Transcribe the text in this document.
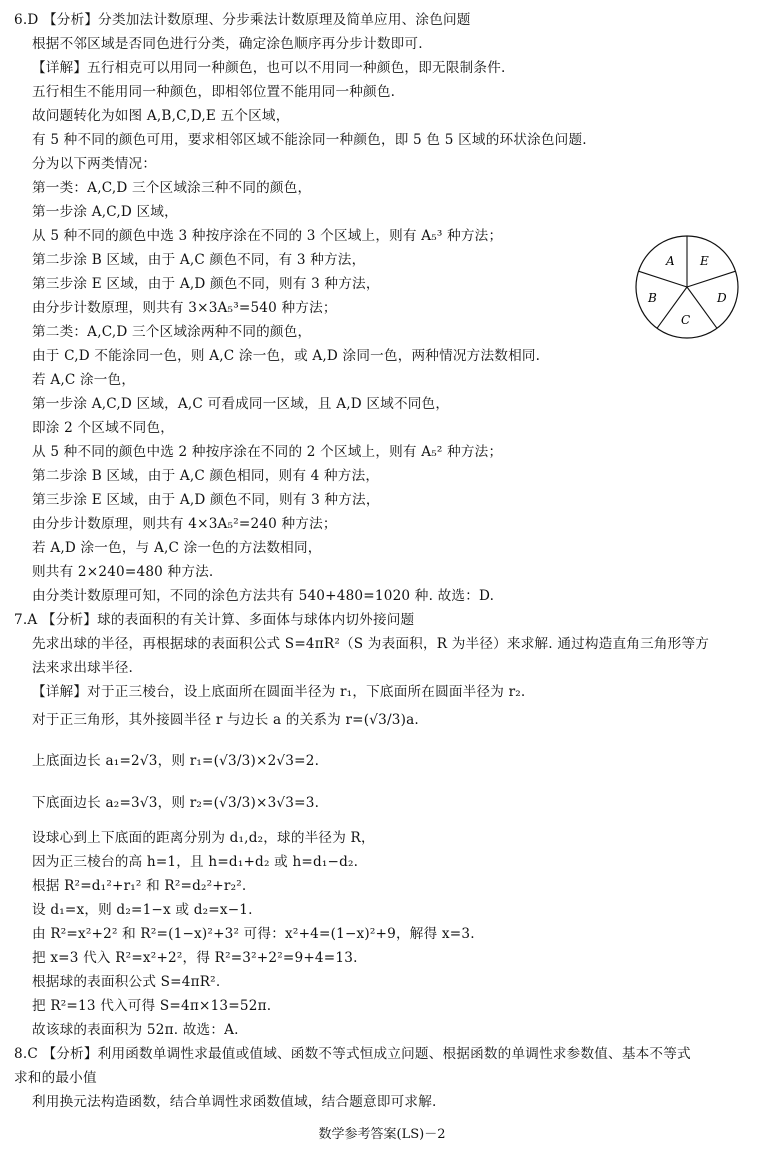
6.D 【分析】分类加法计数原理、分步乘法计数原理及简单应用、涂色问题
根据不邻区域是否同色进行分类，确定涂色顺序再分步计数即可.
【详解】五行相克可以用同一种颜色，也可以不用同一种颜色，即无限制条件.
五行相生不能用同一种颜色，即相邻位置不能用同一种颜色.
故问题转化为如图 A,B,C,D,E 五个区域，
有 5 种不同的颜色可用，要求相邻区域不能涂同一种颜色，即 5 色 5 区域的环状涂色问题.
分为以下两类情况：
第一类：A,C,D 三个区域涂三种不同的颜色，
第一步涂 A,C,D 区域，
从 5 种不同的颜色中选 3 种按序涂在不同的 3 个区域上，则有 A₅³ 种方法；
第二步涂 B 区域，由于 A,C 颜色不同，有 3 种方法，
第三步涂 E 区域，由于 A,D 颜色不同，则有 3 种方法，
由分步计数原理，则共有 3×3A₅³=540 种方法；
第二类：A,C,D 三个区域涂两种不同的颜色，
由于 C,D 不能涂同一色，则 A,C 涂一色，或 A,D 涂同一色，两种情况方法数相同.
若 A,C 涂一色，
第一步涂 A,C,D 区域，A,C 可看成同一区域，且 A,D 区域不同色，
即涂 2 个区域不同色，
从 5 种不同的颜色中选 2 种按序涂在不同的 2 个区域上，则有 A₅² 种方法；
第二步涂 B 区域，由于 A,C 颜色相同，则有 4 种方法，
第三步涂 E 区域，由于 A,D 颜色不同，则有 3 种方法，
由分步计数原理，则共有 4×3A₅²=240 种方法；
若 A,D 涂一色，与 A,C 涂一色的方法数相同，
则共有 2×240=480 种方法.
由分类计数原理可知，不同的涂色方法共有 540+480=1020 种. 故选：D.
7.A 【分析】球的表面积的有关计算、多面体与球体内切外接问题
先求出球的半径，再根据球的表面积公式 S=4πR²（S 为表面积，R 为半径）来求解. 通过构造直角三角形等方
法来求出球半径.
【详解】对于正三棱台，设上底面所在圆面半径为 r₁，下底面所在圆面半径为 r₂.
对于正三角形，其外接圆半径 r 与边长 a 的关系为 r=(√3/3)a.
上底面边长 a₁=2√3，则 r₁=(√3/3)×2√3=2.
下底面边长 a₂=3√3，则 r₂=(√3/3)×3√3=3.
设球心到上下底面的距离分别为 d₁,d₂，球的半径为 R，
因为正三棱台的高 h=1，且 h=d₁+d₂ 或 h=d₁−d₂.
根据 R²=d₁²+r₁² 和 R²=d₂²+r₂².
设 d₁=x，则 d₂=1−x 或 d₂=x−1.
由 R²=x²+2² 和 R²=(1−x)²+3² 可得：x²+4=(1−x)²+9，解得 x=3.
把 x=3 代入 R²=x²+2²，得 R²=3²+2²=9+4=13.
根据球的表面积公式 S=4πR².
把 R²=13 代入可得 S=4π×13=52π.
故该球的表面积为 52π. 故选：A.
8.C 【分析】利用函数单调性求最值或值域、函数不等式恒成立问题、根据函数的单调性求参数值、基本不等式
求和的最小值
利用换元法构造函数，结合单调性求函数值域，结合题意即可求解.
A E
D
C
B
数学参考答案(LS)－2
